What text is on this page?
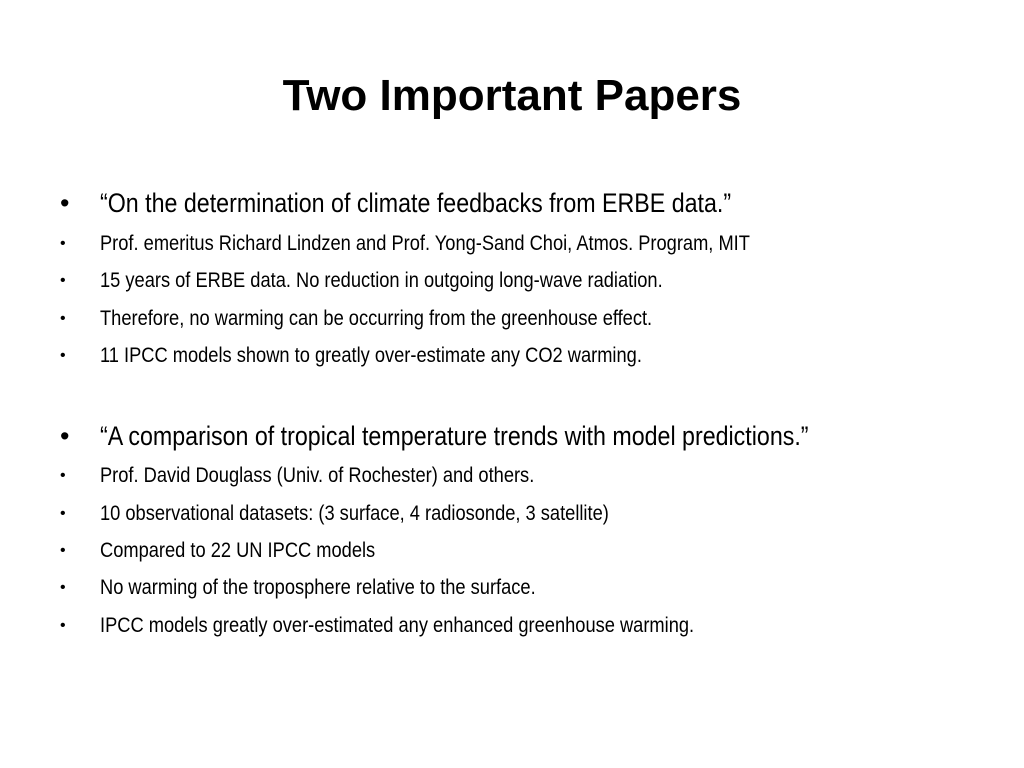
Two Important Papers
• “On the determination of climate feedbacks from ERBE data.”
• Prof. emeritus Richard Lindzen and Prof. Yong-Sand Choi, Atmos. Program, MIT
• 15 years of ERBE data. No reduction in outgoing long-wave radiation.
• Therefore, no warming can be occurring from the greenhouse effect.
• 11 IPCC models shown to greatly over-estimate any CO2 warming.
• “A comparison of tropical temperature trends with model predictions.”
• Prof. David Douglass (Univ. of Rochester) and others.
• 10 observational datasets: (3 surface, 4 radiosonde, 3 satellite)
• Compared to 22 UN IPCC models
• No warming of the troposphere relative to the surface.
• IPCC models greatly over-estimated any enhanced greenhouse warming.
